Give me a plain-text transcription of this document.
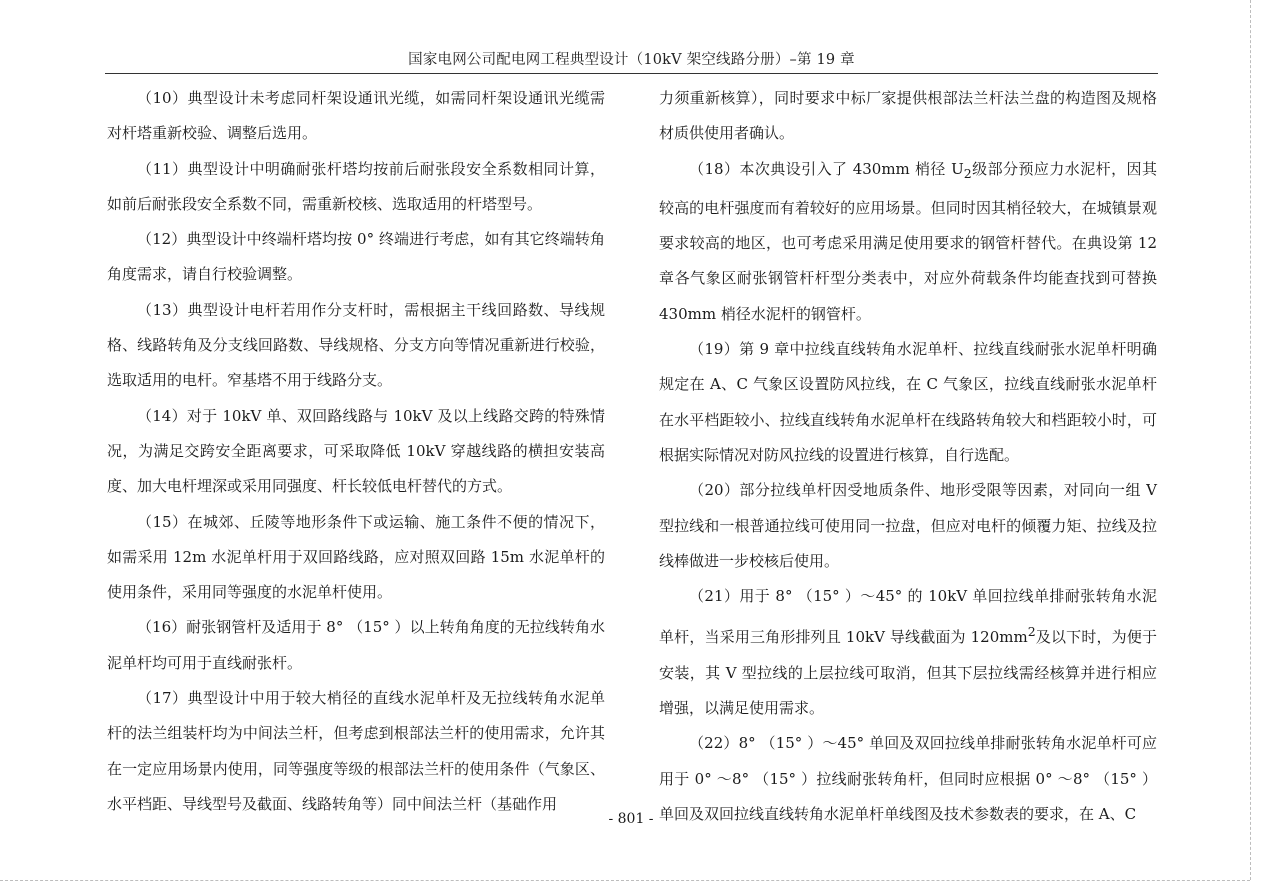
国家电网公司配电网工程典型设计（10kV 架空线路分册）–第 19 章

（10）典型设计未考虑同杆架设通讯光缆，如需同杆架设通讯光缆需对杆塔重新校验、调整后选用。

（11）典型设计中明确耐张杆塔均按前后耐张段安全系数相同计算，如前后耐张段安全系数不同，需重新校核、选取适用的杆塔型号。

（12）典型设计中终端杆塔均按 0° 终端进行考虑，如有其它终端转角角度需求，请自行校验调整。

（13）典型设计电杆若用作分支杆时，需根据主干线回路数、导线规格、线路转角及分支线回路数、导线规格、分支方向等情况重新进行校验，选取适用的电杆。窄基塔不用于线路分支。

（14）对于 10kV 单、双回路线路与 10kV 及以上线路交跨的特殊情况，为满足交跨安全距离要求，可采取降低 10kV 穿越线路的横担安装高度、加大电杆埋深或采用同强度、杆长较低电杆替代的方式。

（15）在城郊、丘陵等地形条件下或运输、施工条件不便的情况下，如需采用 12m 水泥单杆用于双回路线路，应对照双回路 15m 水泥单杆的使用条件，采用同等强度的水泥单杆使用。

（16）耐张钢管杆及适用于 8° （15° ）以上转角角度的无拉线转角水泥单杆均可用于直线耐张杆。

（17）典型设计中用于较大梢径的直线水泥单杆及无拉线转角水泥单杆的法兰组装杆均为中间法兰杆，但考虑到根部法兰杆的使用需求，允许其在一定应用场景内使用，同等强度等级的根部法兰杆的使用条件（气象区、水平档距、导线型号及截面、线路转角等）同中间法兰杆（基础作用

力须重新核算），同时要求中标厂家提供根部法兰杆法兰盘的构造图及规格材质供使用者确认。

（18）本次典设引入了 430mm 梢径 $U_2$级部分预应力水泥杆，因其较高的电杆强度而有着较好的应用场景。但同时因其梢径较大，在城镇景观要求较高的地区，也可考虑采用满足使用要求的钢管杆替代。在典设第 12 章各气象区耐张钢管杆杆型分类表中，对应外荷载条件均能查找到可替换 430mm 梢径水泥杆的钢管杆。

（19）第 9 章中拉线直线转角水泥单杆、拉线直线耐张水泥单杆明确规定在 A、C 气象区设置防风拉线，在 C 气象区，拉线直线耐张水泥单杆在水平档距较小、拉线直线转角水泥单杆在线路转角较大和档距较小时，可根据实际情况对防风拉线的设置进行核算，自行选配。

（20）部分拉线单杆因受地质条件、地形受限等因素，对同向一组 V 型拉线和一根普通拉线可使用同一拉盘，但应对电杆的倾覆力矩、拉线及拉线棒做进一步校核后使用。

（21）用于 8° （15° ）～45° 的 10kV 单回拉线单排耐张转角水泥单杆，当采用三角形排列且 10kV 导线截面为 $120mm^2$及以下时，为便于安装，其 V 型拉线的上层拉线可取消，但其下层拉线需经核算并进行相应增强，以满足使用需求。

（22）8° （15° ）～45° 单回及双回拉线单排耐张转角水泥单杆可应用于 0° ～8° （15° ）拉线耐张转角杆，但同时应根据 0° ～8° （15° ）单回及双回拉线直线转角水泥单杆单线图及技术参数表的要求，在 A、C

- 801 -
